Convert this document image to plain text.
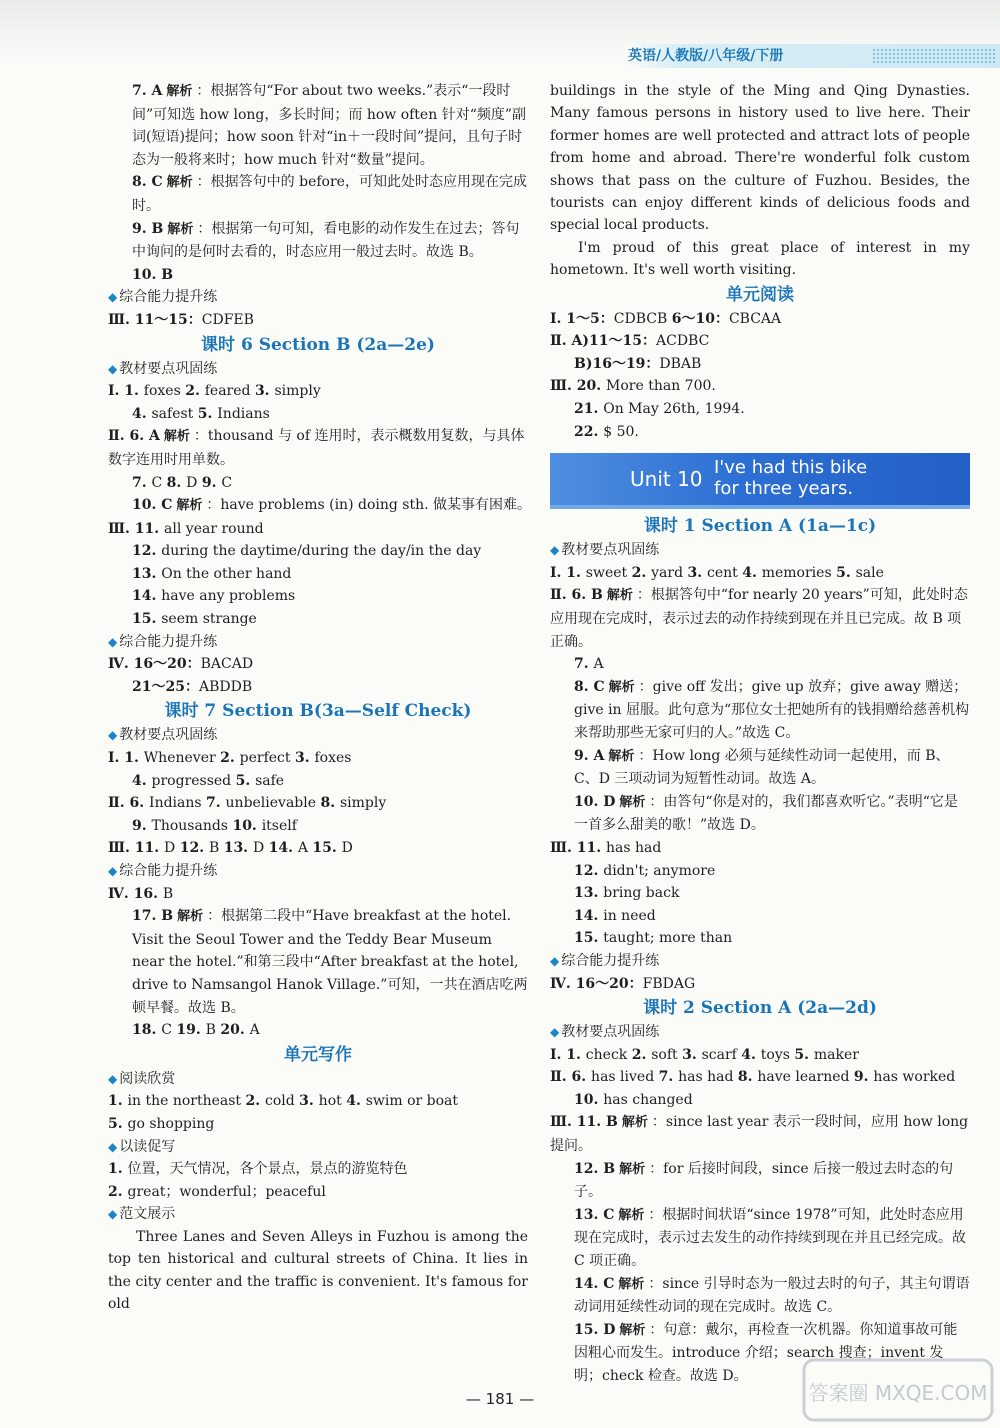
英语/人教版/八年级/下册
7. A 解析 ：根据答句“For about two weeks.”表示“一段时间”可知选 how long，多长时间；而 how often 针对“频度”副词(短语)提问；how soon 针对“in＋一段时间”提问，且句子时态为一般将来时；how much 针对“数量”提问。
8. C 解析 ：根据答句中的 before，可知此处时态应用现在完成时。
9. B 解析 ：根据第一句可知，看电影的动作发生在过去；答句中询问的是何时去看的，时态应用一般过去时。故选 B。
10. B
◆ 综合能力提升练
Ⅲ. 11～15：CDFEB
课时 6 Section B (2a—2e)
◆ 教材要点巩固练
Ⅰ. 1. foxes 2. feared 3. simply
4. safest 5. Indians
Ⅱ. 6. A 解析 ：thousand 与 of 连用时，表示概数用复数，与具体数字连用时用单数。
7. C 8. D 9. C
10. C 解析 ：have problems (in) doing sth. 做某事有困难。
Ⅲ. 11. all year round
12. during the daytime/during the day/in the day
13. On the other hand
14. have any problems
15. seem strange
◆ 综合能力提升练
Ⅳ. 16～20：BACAD
21～25：ABDDB
课时 7 Section B(3a—Self Check)
◆ 教材要点巩固练
Ⅰ. 1. Whenever 2. perfect 3. foxes
4. progressed 5. safe
Ⅱ. 6. Indians 7. unbelievable 8. simply
9. Thousands 10. itself
Ⅲ. 11. D 12. B 13. D 14. A 15. D
◆ 综合能力提升练
Ⅳ. 16. B
17. B 解析 ：根据第二段中“Have breakfast at the hotel. Visit the Seoul Tower and the Teddy Bear Museum near the hotel.”和第三段中“After breakfast at the hotel, drive to Namsangol Hanok Village.”可知，一共在酒店吃两顿早餐。故选 B。
18. C 19. B 20. A
单元写作
◆ 阅读欣赏
1. in the northeast 2. cold 3. hot 4. swim or boat
5. go shopping
◆ 以读促写
1. 位置，天气情况，各个景点，景点的游览特色
2. great；wonderful；peaceful
◆ 范文展示
Three Lanes and Seven Alleys in Fuzhou is among the top ten historical and cultural streets of China. It lies in the city center and the traffic is convenient. It's famous for old
buildings in the style of the Ming and Qing Dynasties. Many famous persons in history used to live here. Their former homes are well protected and attract lots of people from home and abroad. There're wonderful folk custom shows that pass on the culture of Fuzhou. Besides, the tourists can enjoy different kinds of delicious foods and special local products.
I'm proud of this great place of interest in my hometown. It's well worth visiting.
单元阅读
Ⅰ. 1～5：CDBCB 6～10：CBCAA
Ⅱ. A)11～15：ACDBC
B)16～19：DBAB
Ⅲ. 20. More than 700.
21. On May 26th, 1994.
22. $ 50.
Unit 10 I've had this bike
for three years.
课时 1 Section A (1a—1c)
◆ 教材要点巩固练
Ⅰ. 1. sweet 2. yard 3. cent 4. memories 5. sale
Ⅱ. 6. B 解析 ：根据答句中“for nearly 20 years”可知，此处时态应用现在完成时，表示过去的动作持续到现在并且已完成。故 B 项正确。
7. A
8. C 解析 ：give off 发出；give up 放弃；give away 赠送；give in 屈服。此句意为“那位女士把她所有的钱捐赠给慈善机构来帮助那些无家可归的人。”故选 C。
9. A 解析 ：How long 必须与延续性动词一起使用，而 B、C、D 三项动词为短暂性动词。故选 A。
10. D 解析 ：由答句“你是对的，我们都喜欢听它。”表明“它是一首多么甜美的歌！”故选 D。
Ⅲ. 11. has had
12. didn't; anymore
13. bring back
14. in need
15. taught; more than
◆ 综合能力提升练
Ⅳ. 16～20：FBDAG
课时 2 Section A (2a—2d)
◆ 教材要点巩固练
Ⅰ. 1. check 2. soft 3. scarf 4. toys 5. maker
Ⅱ. 6. has lived 7. has had 8. have learned 9. has worked
10. has changed
Ⅲ. 11. B 解析 ：since last year 表示一段时间，应用 how long 提问。
12. B 解析 ：for 后接时间段，since 后接一般过去时态的句子。
13. C 解析 ：根据时间状语“since 1978”可知，此处时态应用现在完成时，表示过去发生的动作持续到现在并且已经完成。故 C 项正确。
14. C 解析 ：since 引导时态为一般过去时的句子，其主句谓语动词用延续性动词的现在完成时。故选 C。
15. D 解析 ：句意：戴尔，再检查一次机器。你知道事故可能因粗心而发生。introduce 介绍；search 搜查；invent 发明；check 检查。故选 D。
— 181 —	答案圈 MXQE.COM
